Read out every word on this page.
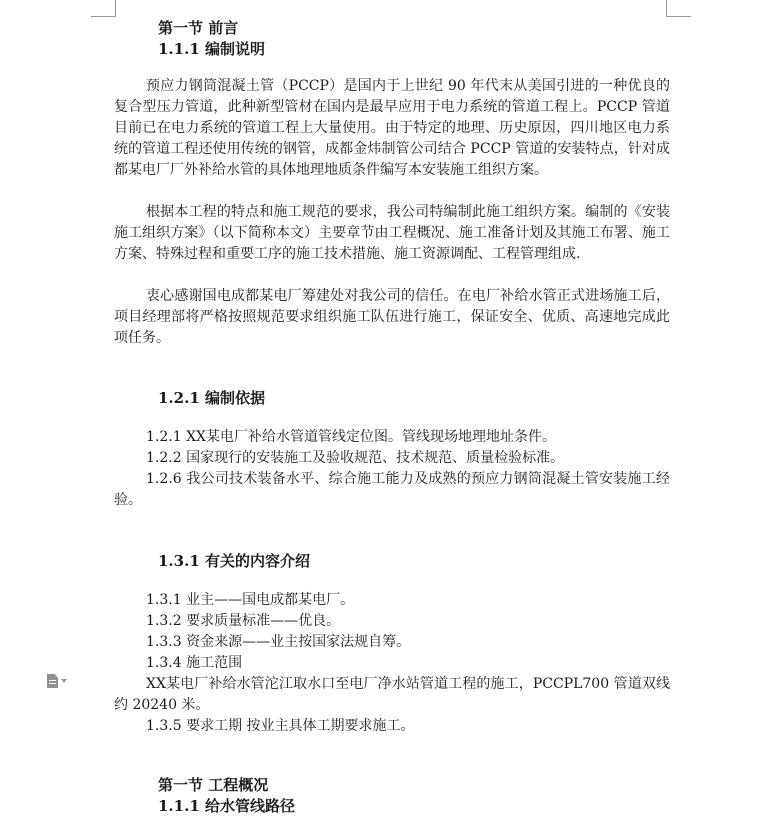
第一节 前言

1.1.1 编制说明

预应力钢筒混凝土管（PCCP）是国内于上世纪 90 年代末从美国引进的一种优良的复合型压力管道，此种新型管材在国内是最早应用于电力系统的管道工程上。PCCP 管道目前已在电力系统的管道工程上大量使用。由于特定的地理、历史原因，四川地区电力系统的管道工程还使用传统的钢管，成都金炜制管公司结合 PCCP 管道的安装特点，针对成都某电厂厂外补给水管的具体地理地质条件编写本安装施工组织方案。

根据本工程的特点和施工规范的要求，我公司特编制此施工组织方案。编制的《安装施工组织方案》（以下简称本文）主要章节由工程概况、施工准备计划及其施工布署、施工方案、特殊过程和重要工序的施工技术措施、施工资源调配、工程管理组成.

衷心感谢国电成都某电厂筹建处对我公司的信任。在电厂补给水管正式进场施工后，项目经理部将严格按照规范要求组织施工队伍进行施工，保证安全、优质、高速地完成此项任务。

1.2.1 编制依据

1.2.1 XX某电厂补给水管道管线定位图。管线现场地理地址条件。

1.2.2 国家现行的安装施工及验收规范、技术规范、质量检验标准。

1.2.6 我公司技术装备水平、综合施工能力及成熟的预应力钢筒混凝土管安装施工经验。

1.3.1 有关的内容介绍

1.3.1 业主——国电成都某电厂。

1.3.2 要求质量标准——优良。

1.3.3 资金来源——业主按国家法规自筹。

1.3.4 施工范围

XX某电厂补给水管沱江取水口至电厂净水站管道工程的施工，PCCPL700 管道双线约 20240 米。

1.3.5 要求工期 按业主具体工期要求施工。

第一节 工程概况

1.1.1 给水管线路径
